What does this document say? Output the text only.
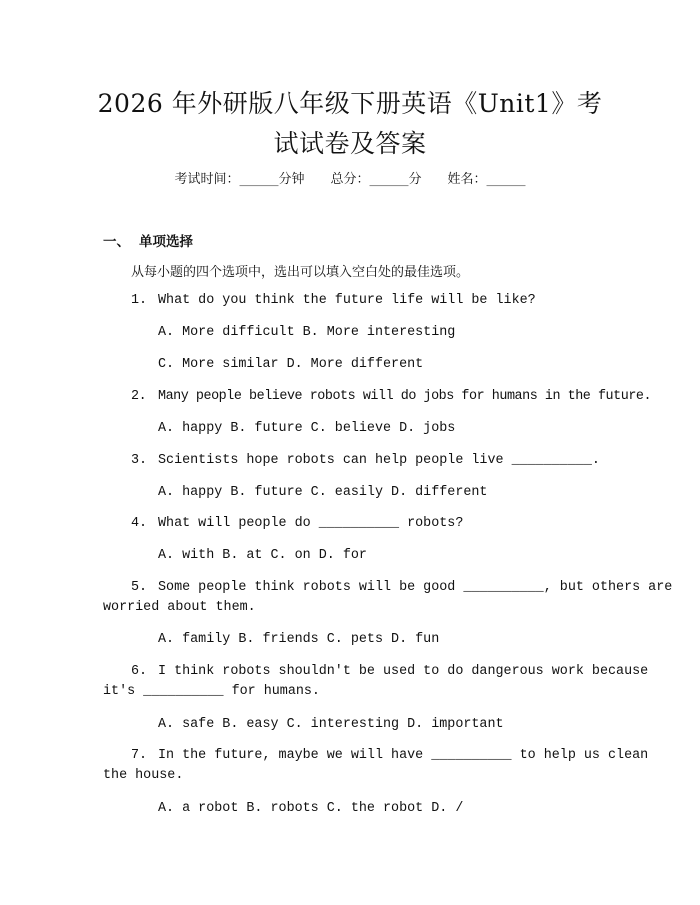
2026 年外研版八年级下册英语《Unit1》考
试试卷及答案
考试时间：______分钟 总分：______分 姓名：______
一、 单项选择
从每小题的四个选项中，选出可以填入空白处的最佳选项。
1. What do you think the future life will be like?
A. More difficult B. More interesting
C. More similar D. More different
2. Many people believe robots will do jobs for humans in the future.
A. happy B. future C. believe D. jobs
3. Scientists hope robots can help people live __________.
A. happy B. future C. easily D. different
4. What will people do __________ robots?
A. with B. at C. on D. for
5. Some people think robots will be good __________, but others are
worried about them.
A. family B. friends C. pets D. fun
6. I think robots shouldn't be used to do dangerous work because
it's __________ for humans.
A. safe B. easy C. interesting D. important
7. In the future, maybe we will have __________ to help us clean
the house.
A. a robot B. robots C. the robot D. /
